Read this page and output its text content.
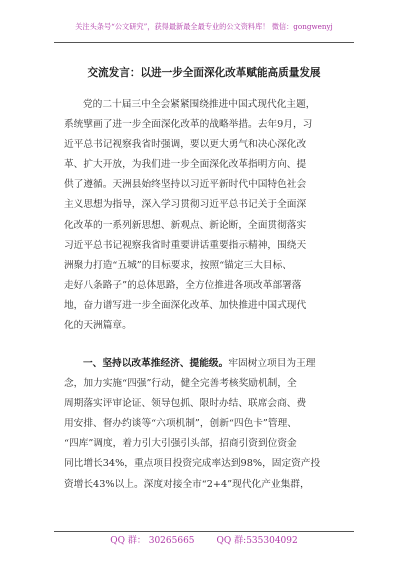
关注头条号“公文研究”，获得最新最全最专业的公文资料库！ 微信：gongwenyj
交流发言：以进一步全面深化改革赋能高质量发展
党的二十届三中全会紧紧围绕推进中国式现代化主题，
系统擘画了进一步全面深化改革的战略举措。去年9月，习
近平总书记视察我省时强调，要以更大勇气和决心深化改
革、扩大开放，为我们进一步全面深化改革指明方向、提
供了遵循。天洲县始终坚持以习近平新时代中国特色社会
主义思想为指导，深入学习贯彻习近平总书记关于全面深
化改革的一系列新思想、新观点、新论断，全面贯彻落实
习近平总书记视察我省时重要讲话重要指示精神，围绕天
洲聚力打造“五城”的目标要求，按照“锚定三大目标、
走好八条路子”的总体思路，全方位推进各项改革部署落
地，奋力谱写进一步全面深化改革、加快推进中国式现代
化的天洲篇章。
一、坚持以改革推经济、提能级。牢固树立项目为王理
念，加力实施“四强”行动，健全完善考核奖励机制，全
周期落实评审论证、领导包抓、限时办结、联席会商、费
用安排、督办约谈等“六项机制”，创新“四色卡”管理、
“四库”调度，着力引大引强引头部，招商引资到位资金
同比增长34%，重点项目投资完成率达到98%，固定资产投
资增长43%以上。深度对接全市“2+4”现代化产业集群，
QQ 群： 30265665 QQ 群:535304092
